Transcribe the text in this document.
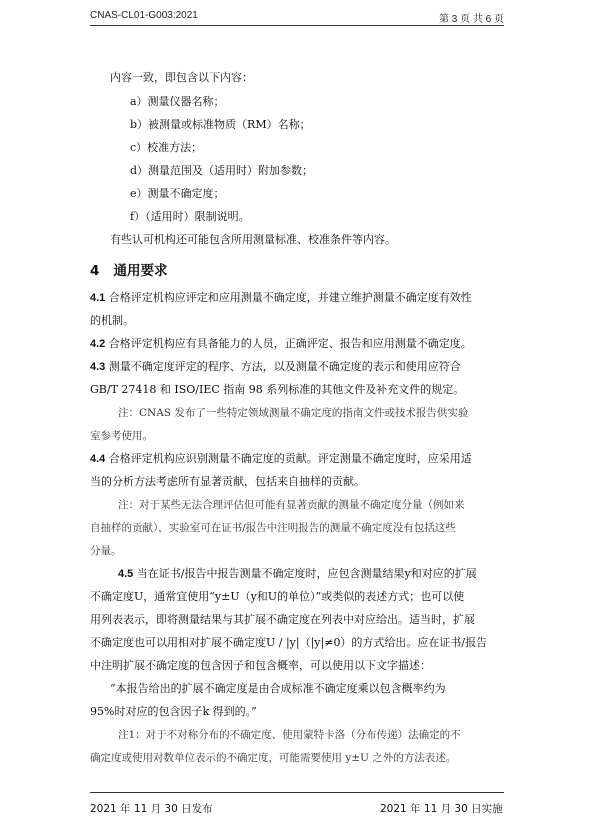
CNAS-CL01-G003:2021	第 3 页 共 6 页
内容一致，即包含以下内容：
a）测量仪器名称；
b）被测量或标准物质（RM）名称；
c）校准方法；
d）测量范围及（适用时）附加参数；
e）测量不确定度；
f）（适用时）限制说明。
有些认可机构还可能包含所用测量标准、校准条件等内容。
4 通用要求
4.1 合格评定机构应评定和应用测量不确定度，并建立维护测量不确定度有效性
的机制。
4.2 合格评定机构应有具备能力的人员，正确评定、报告和应用测量不确定度。
4.3 测量不确定度评定的程序、方法，以及测量不确定度的表示和使用应符合
GB/T 27418 和 ISO/IEC 指南 98 系列标准的其他文件及补充文件的规定。
注：CNAS 发布了一些特定领域测量不确定度的指南文件或技术报告供实验
室参考使用。
4.4 合格评定机构应识别测量不确定度的贡献。评定测量不确定度时，应采用适
当的分析方法考虑所有显著贡献，包括来自抽样的贡献。
注：对于某些无法合理评估但可能有显著贡献的测量不确定度分量（例如来
自抽样的贡献），实验室可在证书/报告中注明报告的测量不确定度没有包括这些
分量。
4.5 当在证书/报告中报告测量不确定度时，应包含测量结果y和对应的扩展
不确定度U，通常宜使用“y±U（y和U的单位）”或类似的表述方式；也可以使
用列表表示，即将测量结果与其扩展不确定度在列表中对应给出。适当时，扩展
不确定度也可以用相对扩展不确定度U / |y|（|y|≠0）的方式给出。应在证书/报告
中注明扩展不确定度的包含因子和包含概率，可以使用以下文字描述：
“本报告给出的扩展不确定度是由合成标准不确定度乘以包含概率约为
95%时对应的包含因子k 得到的。”
注1：对于不对称分布的不确定度、使用蒙特卡洛（分布传递）法确定的不
确定度或使用对数单位表示的不确定度，可能需要使用 y±U 之外的方法表述。
2021 年 11 月 30 日发布	2021 年 11 月 30 日实施
